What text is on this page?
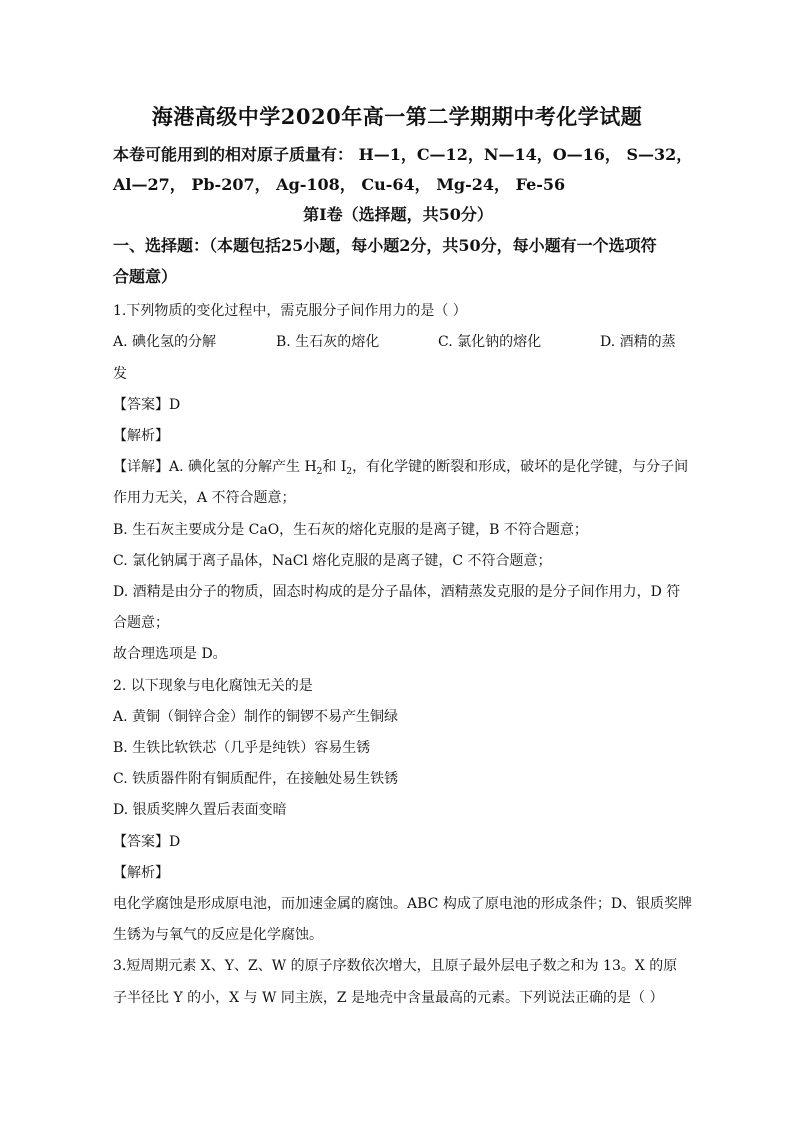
海港高级中学2020年高一第二学期期中考化学试题
本卷可能用到的相对原子质量有： H—1，C—12，N—14，O—16， S—32，
Al—27， Pb-207， Ag-108， Cu-64， Mg-24， Fe-56
第Ⅰ卷（选择题，共50分）
一、选择题：（本题包括25小题，每小题2分，共50分，每小题有一个选项符
合题意）
1.下列物质的变化过程中，需克服分子间作用力的是（ ）
A. 碘化氢的分解	B. 生石灰的熔化	C. 氯化钠的熔化	D. 酒精的蒸
发
【答案】D
【解析】
【详解】A. 碘化氢的分解产生 $H_2$和 $I_2$，有化学键的断裂和形成，破坏的是化学键，与分子间
作用力无关，A 不符合题意；
B. 生石灰主要成分是 CaO，生石灰的熔化克服的是离子键，B 不符合题意；
C. 氯化钠属于离子晶体，NaCl 熔化克服的是离子键，C 不符合题意；
D. 酒精是由分子的物质，固态时构成的是分子晶体，酒精蒸发克服的是分子间作用力，D 符
合题意；
故合理选项是 D。
2. 以下现象与电化腐蚀无关的是
A. 黄铜（铜锌合金）制作的铜锣不易产生铜绿
B. 生铁比软铁芯（几乎是纯铁）容易生锈
C. 铁质器件附有铜质配件，在接触处易生铁锈
D. 银质奖牌久置后表面变暗
【答案】D
【解析】
电化学腐蚀是形成原电池，而加速金属的腐蚀。ABC 构成了原电池的形成条件；D、银质奖牌
生锈为与氧气的反应是化学腐蚀。
3.短周期元素 X、Y、Z、W 的原子序数依次增大，且原子最外层电子数之和为 13。X 的原
子半径比 Y 的小，X 与 W 同主族，Z 是地壳中含量最高的元素。下列说法正确的是（ ）
